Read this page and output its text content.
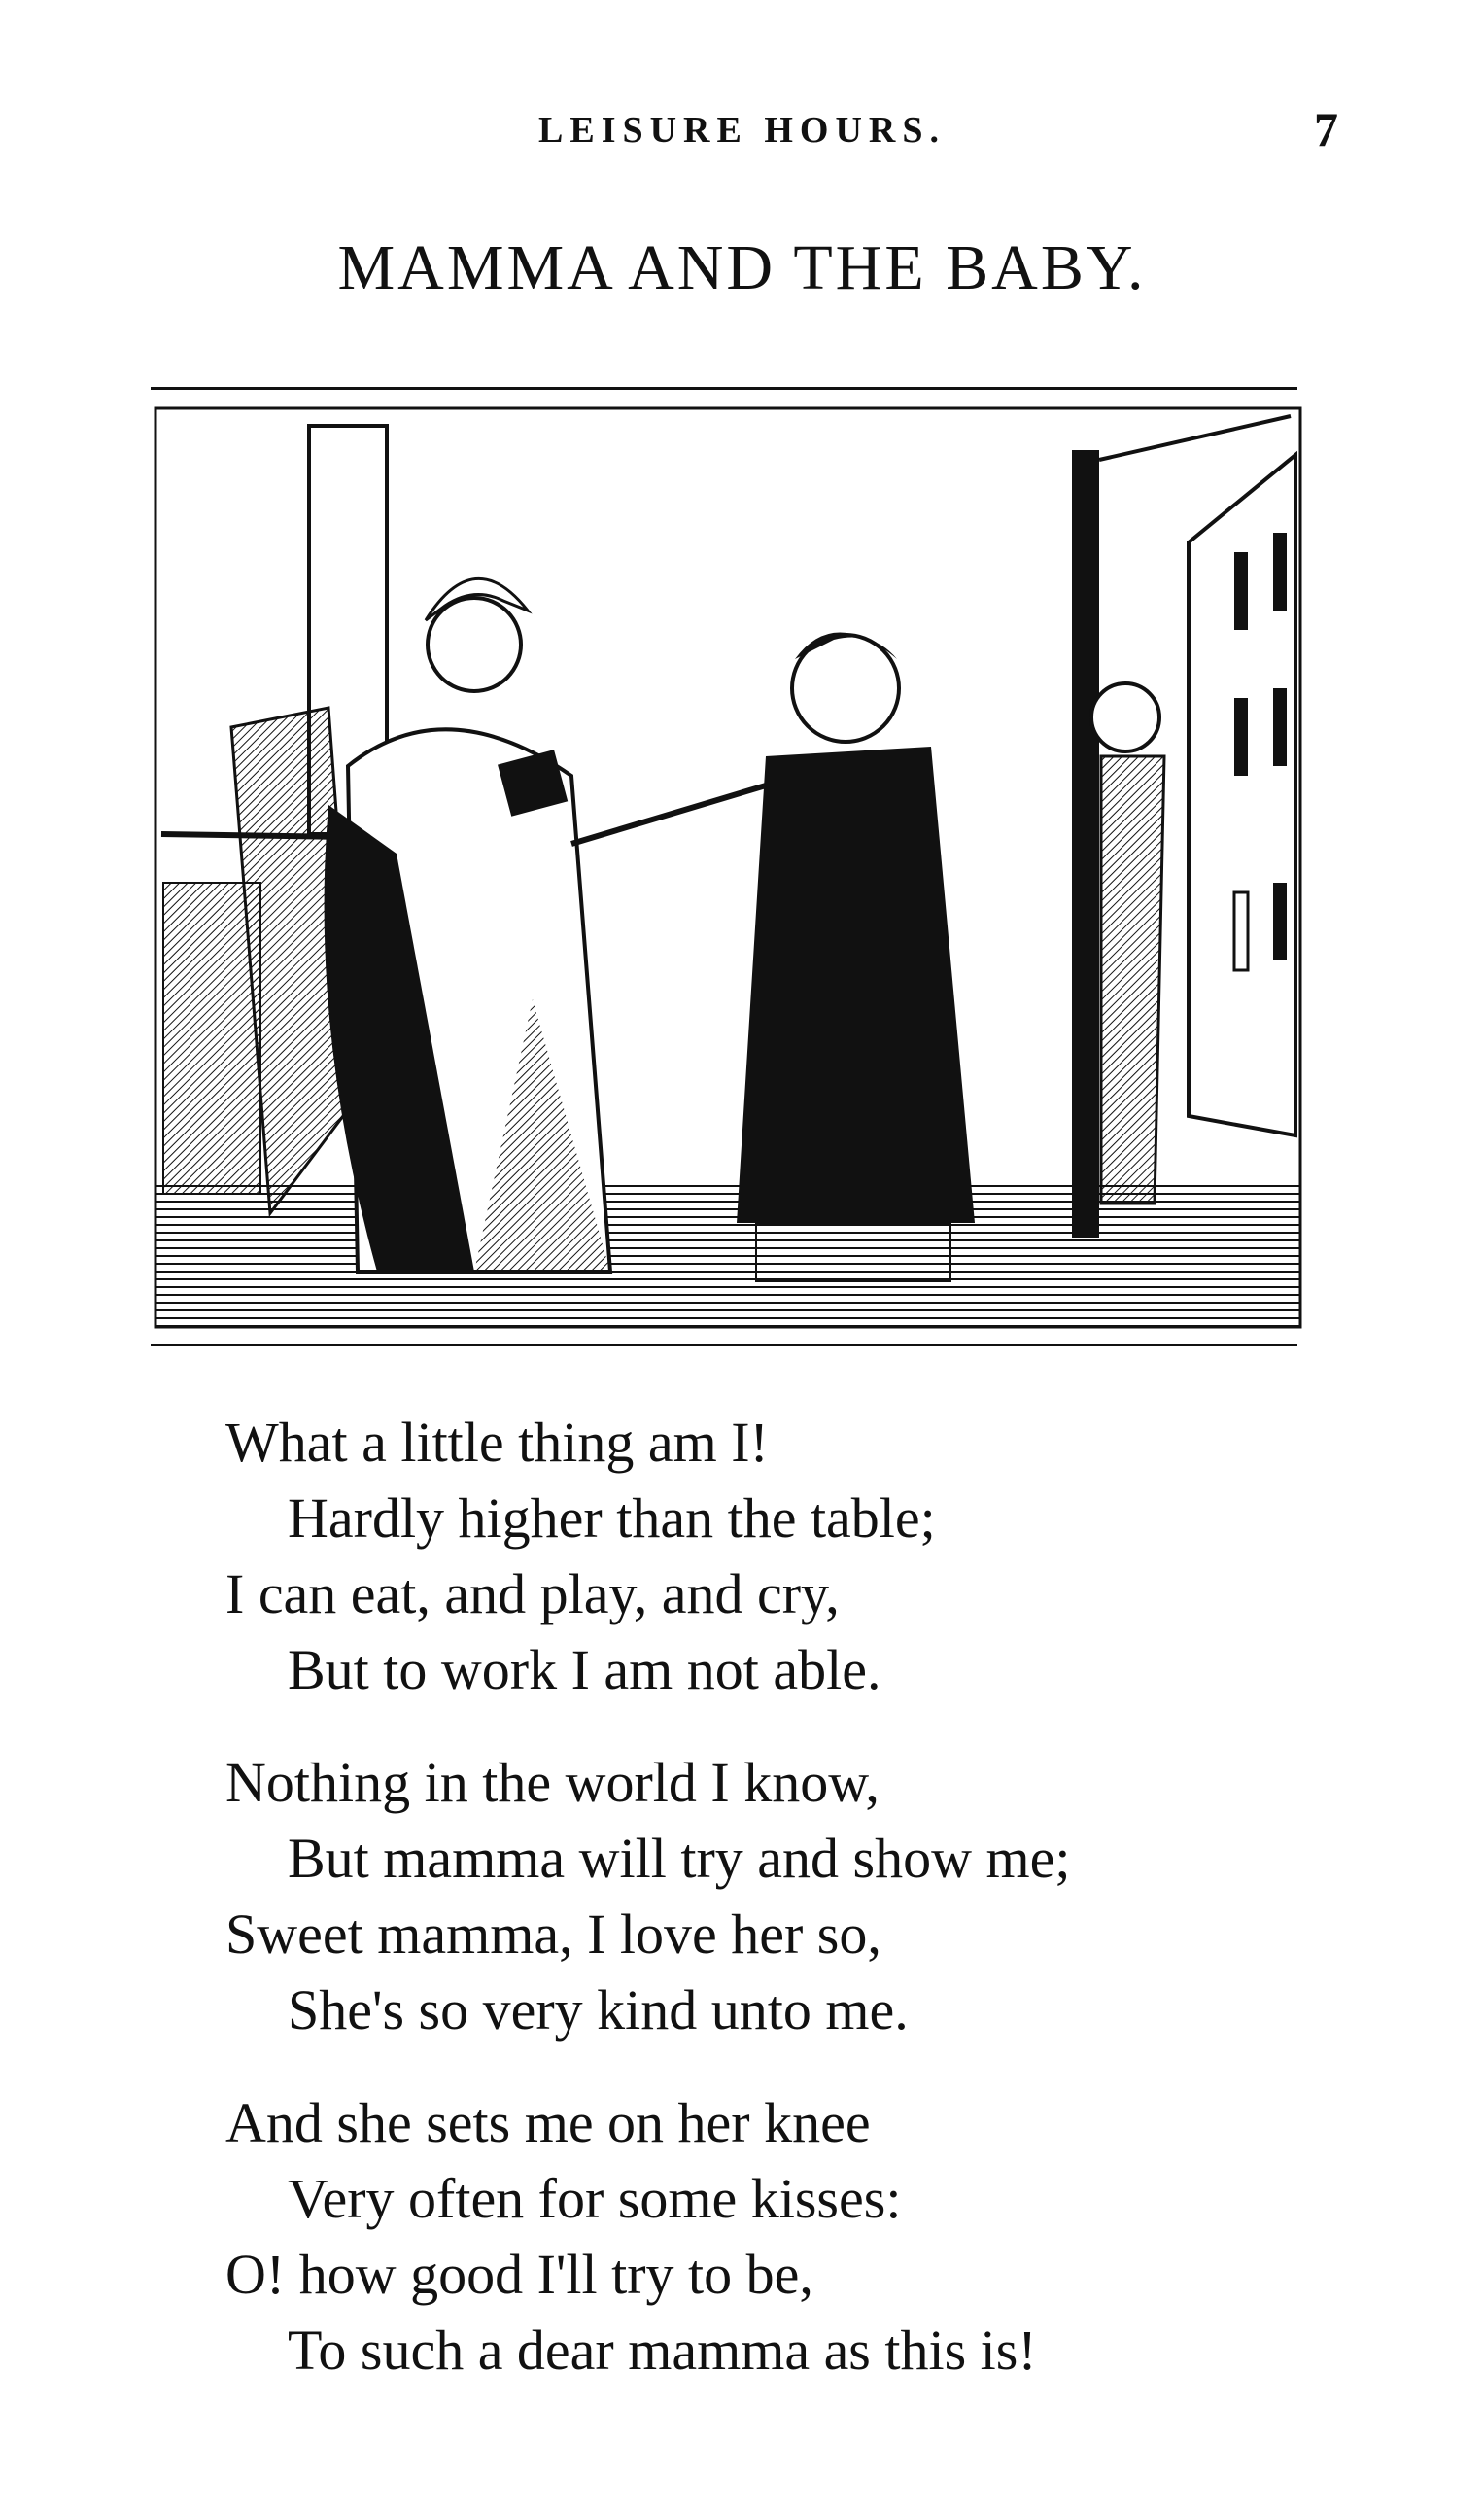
LEISURE HOURS.	7
MAMMA AND THE BABY.
What a little thing am I!
Hardly higher than the table;
I can eat, and play, and cry,
But to work I am not able.
Nothing in the world I know,
But mamma will try and show me;
Sweet mamma, I love her so,
She's so very kind unto me.
And she sets me on her knee
Very often for some kisses:
O! how good I'll try to be,
To such a dear mamma as this is!
